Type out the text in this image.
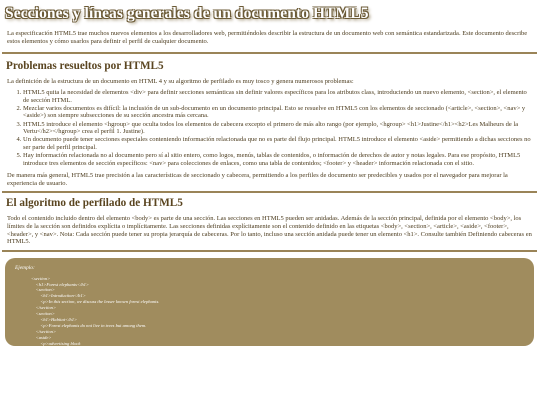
Secciones y líneas generales de un documento HTML5
La especificación HTML5 trae muchos nuevos elementos a los desarrolladores web, permitiéndoles describir la estructura de un documento web con semántica estandarizada. Este documento describe estos elementos y cómo usarlos para definir el perfil de cualquier documento.
Problemas resueltos por HTML5

La definición de la estructura de un documento en HTML 4 y su algoritmo de perfilado es muy tosco y genera numerosos problemas:

1. HTML5 quita la necesidad de elementos <div> para definir secciones semánticas sin definir valores específicos para los atributos class, introduciendo un nuevo elemento, <section>, el elemento de sección HTML.
2. Mezclar varios documentos es difícil: la inclusión de un sub-documento en un documento principal. Esto se resuelve en HTML5 con los elementos de seccionado (<article>, <section>, <nav> y <aside>) son siempre subsecciones de su sección ancestra más cercana.
3. HTML5 introduce el elemento <hgroup> que oculta todos los elementos de cabecera excepto el primero de más alto rango (por ejemplo, <hgroup> <h1>Justine</h1><h2>Les Malheurs de la Vertu</h2></hgroup> crea el perfil 1. Justine).
4. Un documento puede tener secciones especiales conteniendo información relacionada que no es parte del flujo principal. HTML5 introduce el elemento <aside> permitiendo a dichas secciones no ser parte del perfil principal.
5. Hay información relacionada no al documento pero sí al sitio entero, como logos, menús, tablas de contenidos, o información de derechos de autor y notas legales. Para ese propósito, HTML5 introduce tres elementos de sección específicos: <nav> para colecciones de enlaces, como una tabla de contenidos; <footer> y <header> información relacionada con el sitio.

De manera más general, HTML5 trae precisión a las características de seccionado y cabecera, permitiendo a los perfiles de documento ser predecibles y usados por el navegador para mejorar la experiencia de usuario.

El algoritmo de perfilado de HTML5

Todo el contenido incluido dentro del elemento <body> es parte de una sección. Las secciones en HTML5 pueden ser anidadas. Además de la sección principal, definida por el elemento <body>, los límites de la sección son definidos explícita o implícitamente. Las secciones definidas explícitamente son el contenido definido en las etiquetas <body>, <section>, <article>, <aside>, <footer>, <header>, y <nav>. Nota: Cada sección puede tener su propia jerarquía de cabeceras. Por lo tanto, incluso una sección anidada puede tener un elemento <h1>. Consulte también Definiendo cabeceras en HTML5.

Ejemplo:
<section>
<h1>Forest elephants</h1>
<section>
<h1>Introduction</h1>
<p>In this section, we discuss the lesser known forest elephants.
</section>
<section>
<h1>Habitat</h1>
<p>Forest elephants do not live in trees but among them.
</section>
<aside>
<p>advertising block
</aside>
</section>
<footer>
<p>(c) 2010 The Example company
</footer>
